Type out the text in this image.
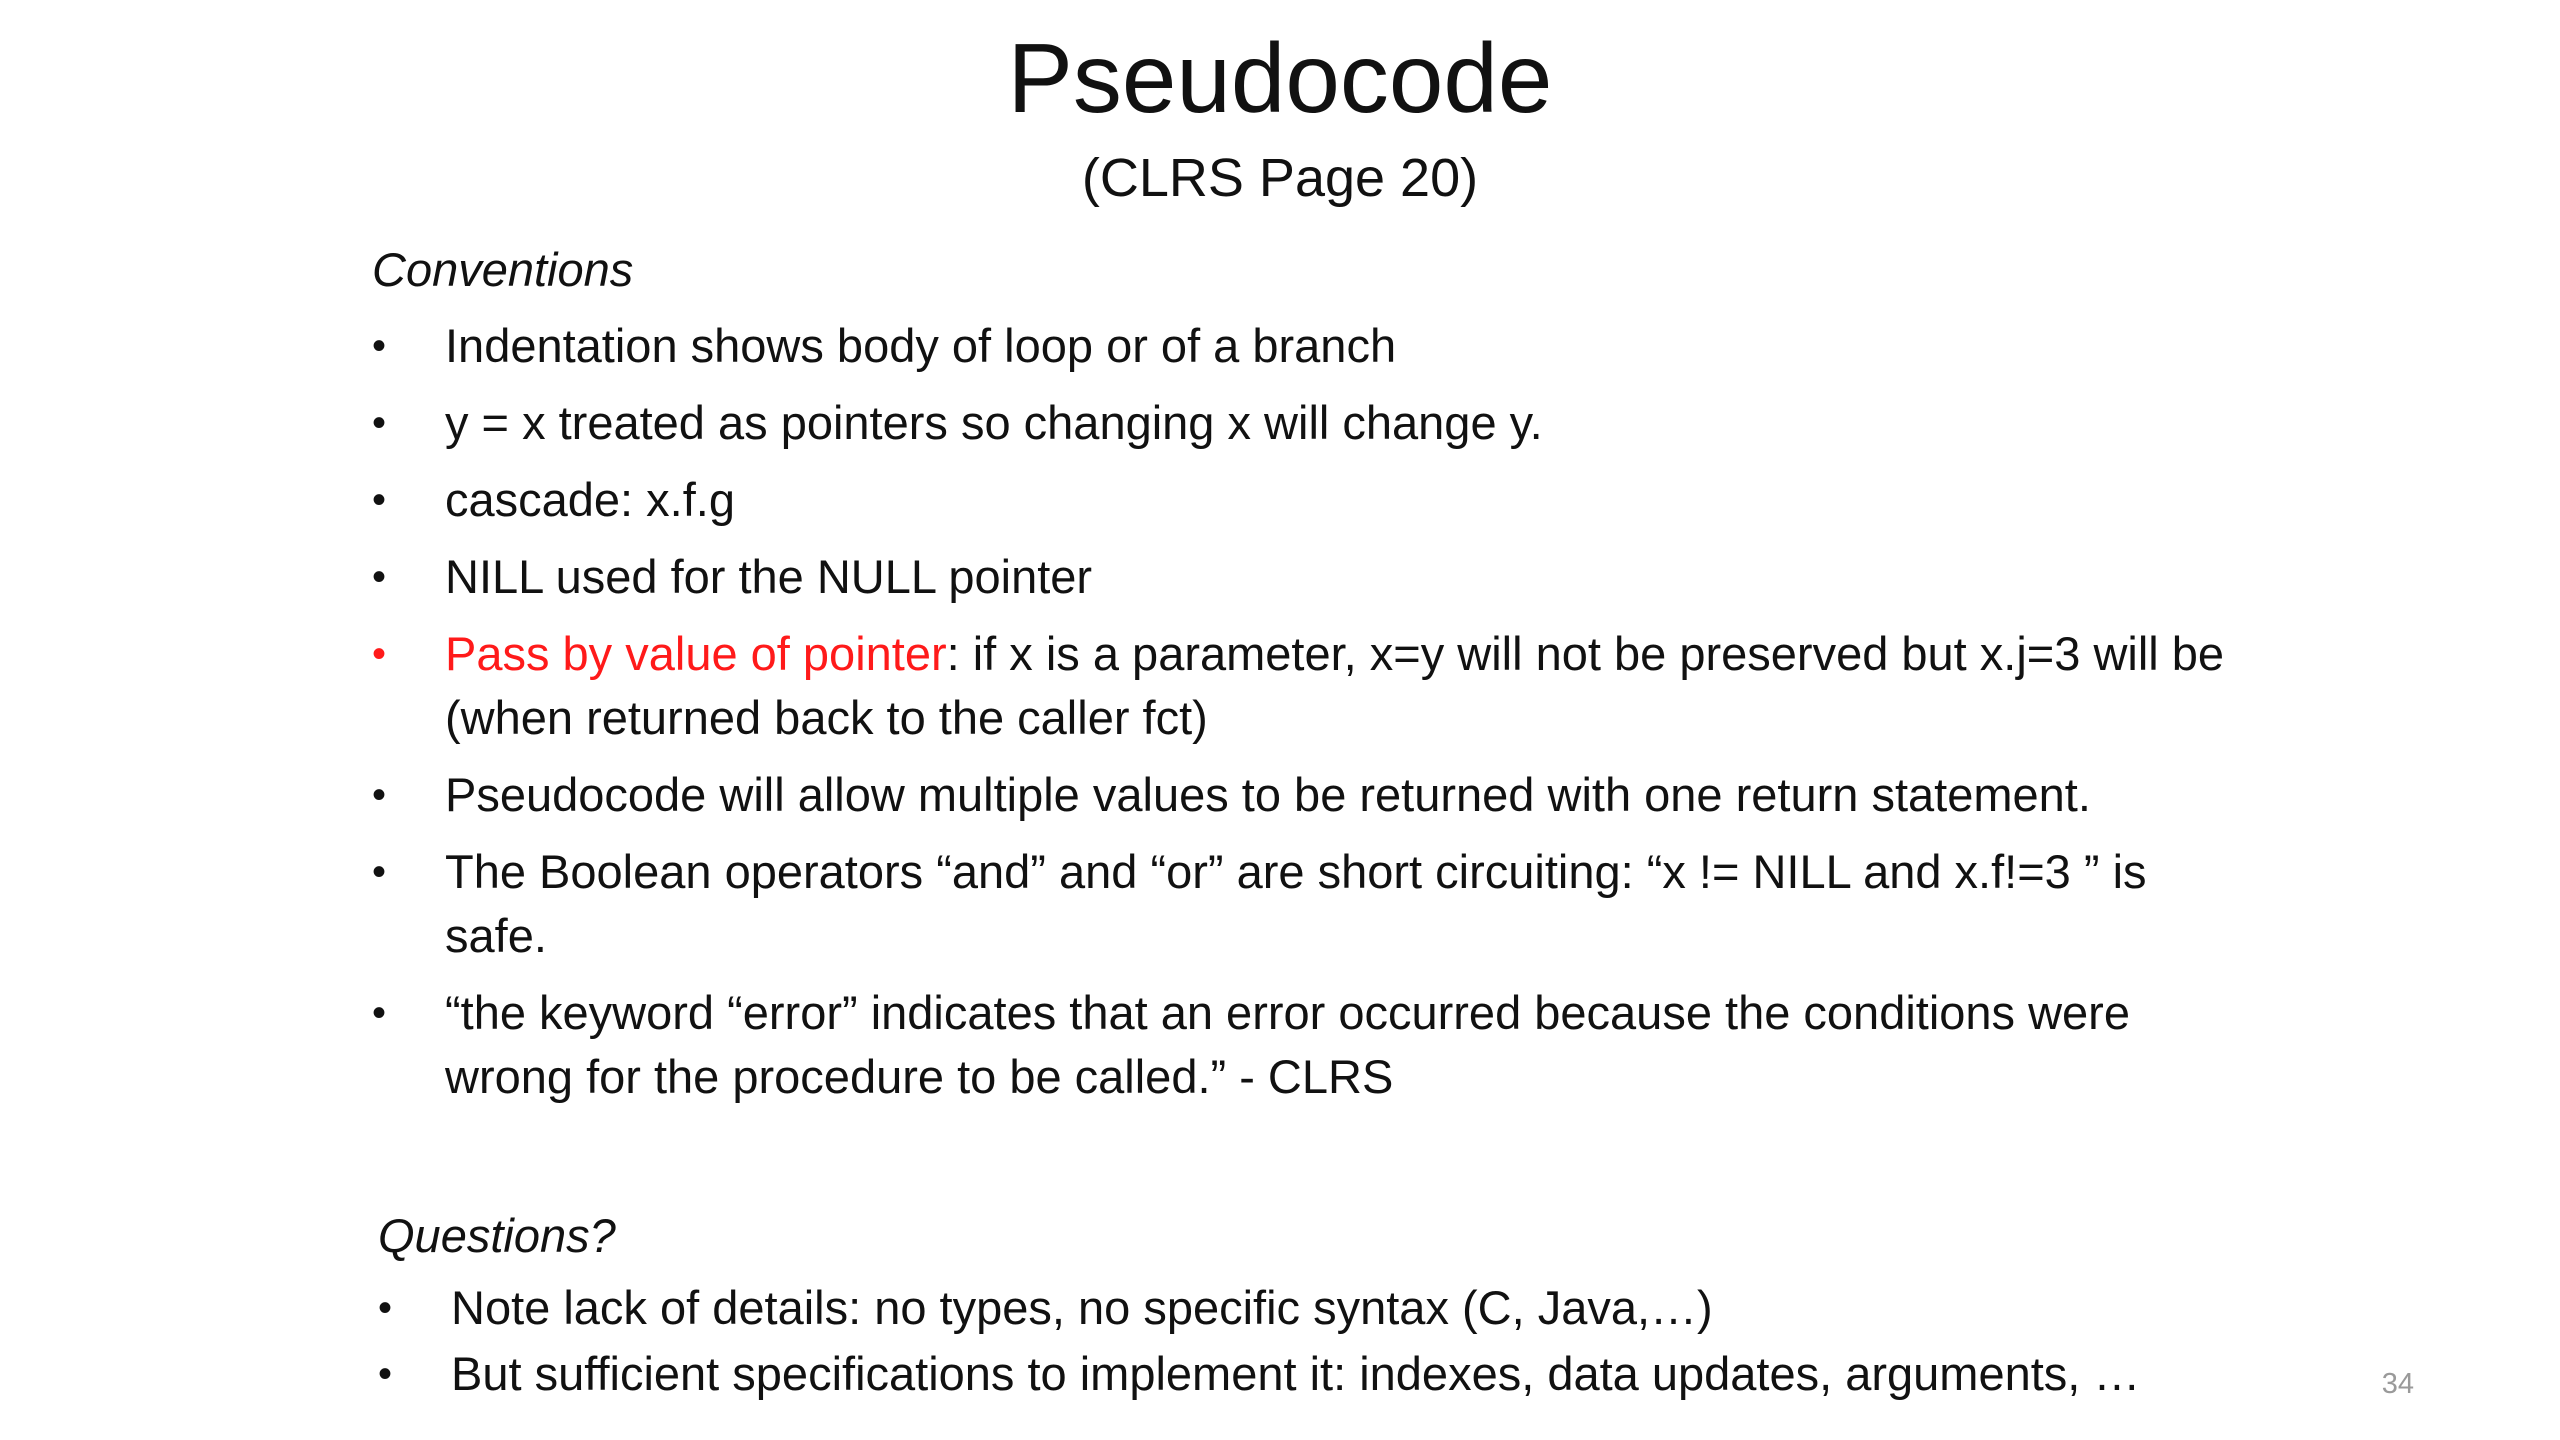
Pseudocode
(CLRS Page 20)
Conventions
•	Indentation shows body of loop or of a branch
•	y = x treated as pointers so changing x will change y.
•	cascade: x.f.g
•	NILL used for the NULL pointer
•	Pass by value of pointer: if x is a parameter, x=y will not be preserved but x.j=3 will be (when returned back to the caller fct)
•	Pseudocode will allow multiple values to be returned with one return statement.
•	The Boolean operators “and” and “or” are short circuiting: “x != NILL and x.f!=3 ” is safe.
•	“the keyword “error” indicates that an error occurred because the conditions were wrong for the procedure to be called.” - CLRS
Questions?
•	Note lack of details: no types, no specific syntax (C, Java,…)
•	But sufficient specifications to implement it: indexes, data updates, arguments, …	34
